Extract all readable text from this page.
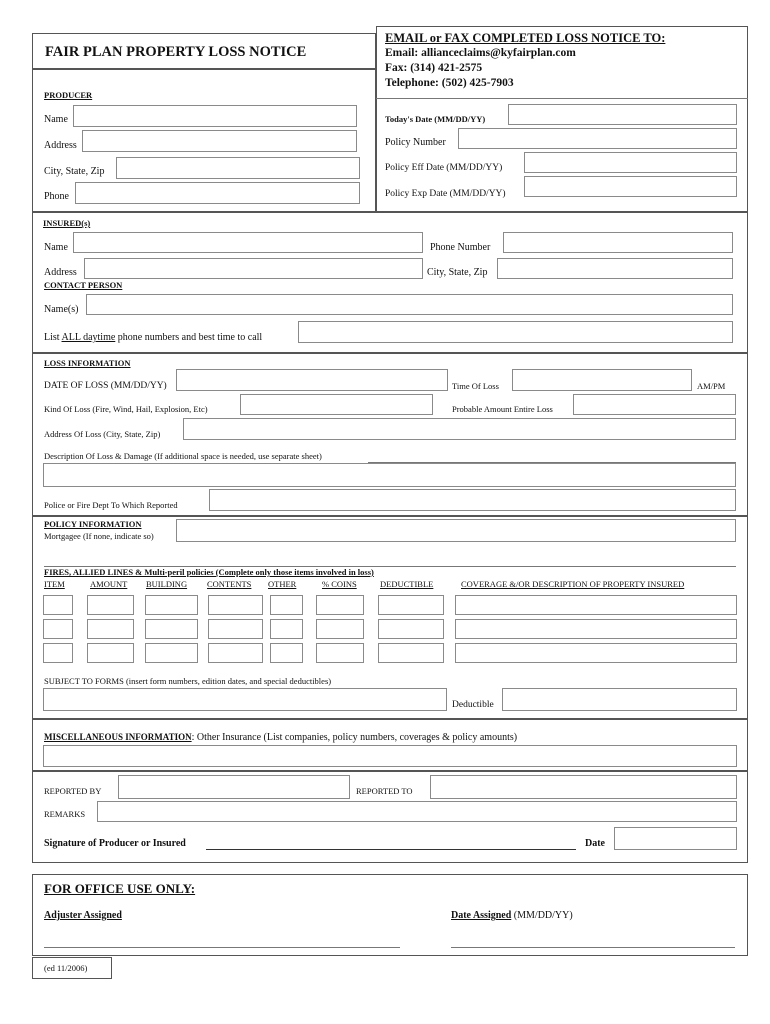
FAIR PLAN PROPERTY LOSS NOTICE
EMAIL or FAX COMPLETED LOSS NOTICE TO:
Email: allianceclaims@kyfairplan.com
Fax: (314) 421-2575
Telephone: (502) 425-7903
PRODUCER
Name
Address
City, State, Zip
Phone
Today's Date (MM/DD/YY)
Policy Number
Policy Eff Date (MM/DD/YY)
Policy Exp Date (MM/DD/YY)
INSURED(s)
Name	Phone Number
Address	City, State, Zip
CONTACT PERSON
Name(s)
List ALL daytime phone numbers and best time to call
LOSS INFORMATION
DATE OF LOSS (MM/DD/YY)	Time Of Loss	AM/PM
Kind Of Loss (Fire, Wind, Hail, Explosion, Etc)	Probable Amount Entire Loss
Address Of Loss (City, State, Zip)
Description Of Loss & Damage (If additional space is needed, use separate sheet)
Police or Fire Dept To Which Reported
POLICY INFORMATION
Mortgagee (If none, indicate so)
FIRES, ALLIED LINES & Multi-peril policies (Complete only those items involved in loss)
ITEM	AMOUNT BUILDING CONTENTS OTHER	% COINS	DEDUCTIBLE	COVERAGE &/OR DESCRIPTION OF PROPERTY INSURED
SUBJECT TO FORMS (insert form numbers, edition dates, and special deductibles)
Deductible
MISCELLANEOUS INFORMATION: Other Insurance (List companies, policy numbers, coverages & policy amounts)
REPORTED BY	REPORTED TO
REMARKS
Signature of Producer or Insured	Date
FOR OFFICE USE ONLY:
Adjuster Assigned	Date Assigned (MM/DD/YY)
(ed 11/2006)
